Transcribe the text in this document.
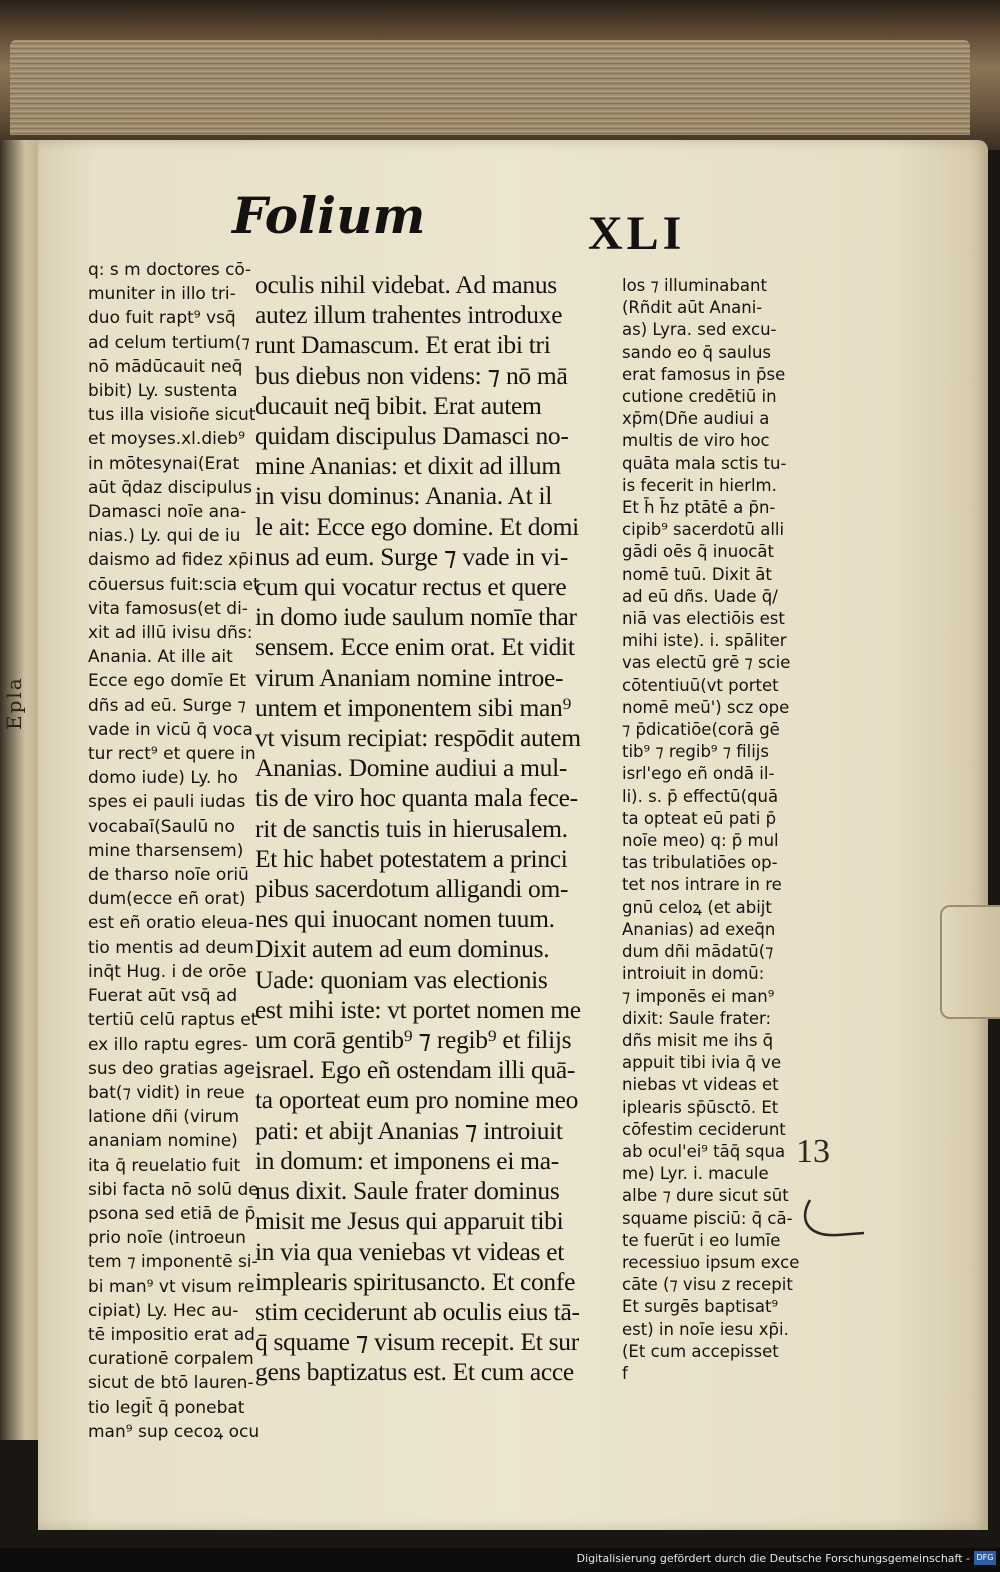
Epla
Folium	XLI
q: s m doctores cō-
muniter in illo tri-
duo fuit rapt⁹ vsq̄
ad celum tertium(⁊
nō mādūcauit neq̄
bibit) Ly. sustenta
tus illa visioñe sicut
et moyses.xl.dieb⁹
in mōtesynai(Erat
aūt q̄daz discipulus
Damasci noīe ana-
nias.) Ly. qui de iu
daismo ad fidez xp̄i
cōuersus fuit:scia et
vita famosus(et di-
xit ad illū ivisu dñs:
Anania. At ille ait
Ecce ego domīe Et
dñs ad eū. Surge ⁊
vade in vicū q̄ voca
tur rect⁹ et quere in
domo iude) Ly. ho
spes ei pauli iudas
vocabaī(Saulū no
mine tharsensem)
de tharso noīe oriū
dum(ecce eñ orat)
est eñ oratio eleua-
tio mentis ad deum
inq̄t Hug. i de orōe
Fuerat aūt vsq̄ ad
tertiū celū raptus et
ex illo raptu egres-
sus deo gratias age
bat(⁊ vidit) in reue
latione dñi (virum
ananiam nomine)
ita q̄ reuelatio fuit
sibi facta nō solū de
psona sed etiā de p̄
prio noīe (introeun
tem ⁊ imponentē si-
bi man⁹ vt visum re
cipiat) Ly. Hec au-
tē impositio erat ad
curationē corpalem
sicut de btō lauren-
tio legit̄ q̄ ponebat
man⁹ sup cecoꝝ ocu
oculis nihil videbat. Ad manus
autez illum trahentes introduxe
runt Damascum. Et erat ibi tri
bus diebus non videns: ⁊ nō mā
ducauit neq̄ bibit. Erat autem
quidam discipulus Damasci no-
mine Ananias: et dixit ad illum
in visu dominus: Anania. At il
le ait: Ecce ego domine. Et domi
nus ad eum. Surge ⁊ vade in vi-
cum qui vocatur rectus et quere
in domo iude saulum nomīe thar
sensem. Ecce enim orat. Et vidit
virum Ananiam nomine introe-
untem et imponentem sibi man⁹
vt visum recipiat: respōdit autem
Ananias. Domine audiui a mul-
tis de viro hoc quanta mala fece-
rit de sanctis tuis in hierusalem.
Et hic habet potestatem a princi
pibus sacerdotum alligandi om-
nes qui inuocant nomen tuum.
Dixit autem ad eum dominus.
Uade: quoniam vas electionis
est mihi iste: vt portet nomen me
um corā gentib⁹ ⁊ regib⁹ et filijs
israel. Ego eñ ostendam illi quā-
ta oporteat eum pro nomine meo
pati: et abijt Ananias ⁊ introiuit
in domum: et imponens ei ma-
nus dixit. Saule frater dominus
misit me Jesus qui apparuit tibi
in via qua veniebas vt videas et
implearis spiritusancto. Et confe
stim ceciderunt ab oculis eius tā-
q̄ squame ⁊ visum recepit. Et sur
gens baptizatus est. Et cum acce
los ⁊ illuminabant
(Rñdit aūt Anani-
as) Lyra. sed excu-
sando eo q̄ saulus
erat famosus in p̄se
cutione credētiū in
xp̄m(Dñe audiui a
multis de viro hoc
quāta mala sctis tu-
is fecerit in hierlm.
Et h̄ h̄z ptātē a p̄n-
cipib⁹ sacerdotū alli
gādi oēs q̄ inuocāt
nomē tuū. Dixit āt
ad eū dñs. Uade q̄/
niā vas electiōis est
mihi iste). i. spāliter
vas electū grē ⁊ scie
cōtentiuū(vt portet
nomē meū') scz ope
⁊ p̄dicatiōe(corā gē
tib⁹ ⁊ regib⁹ ⁊ filijs
isrl'ego eñ ondā il-
li). s. p̄ effectū(quā
ta opteat eū pati p̄
noīe meo) q: p̄ mul
tas tribulatiōes op-
tet nos intrare in re
gnū celoꝝ (et abijt
Ananias) ad exeq̄n
dum dñi mādatū(⁊
introiuit in domū:
⁊ imponēs ei man⁹
dixit: Saule frater:
dñs misit me ihs q̄
appuit tibi ivia q̄ ve
niebas vt videas et
iplearis sp̄ūsctō. Et
cōfestim ceciderunt
ab ocul'ei⁹ tāq̄ squa
me) Lyr. i. macule
albe ⁊ dure sicut sūt
squame pisciū: q̄ cā-
te fuerūt i eo lumīe
recessiuo ipsum exce
cāte (⁊ visu z recepit
Et surgēs baptisat⁹
est) in noīe iesu xp̄i.
(Et cum accepisset
f
13
Digitalisierung gefördert durch die Deutsche Forschungsgemeinschaft - DFG
